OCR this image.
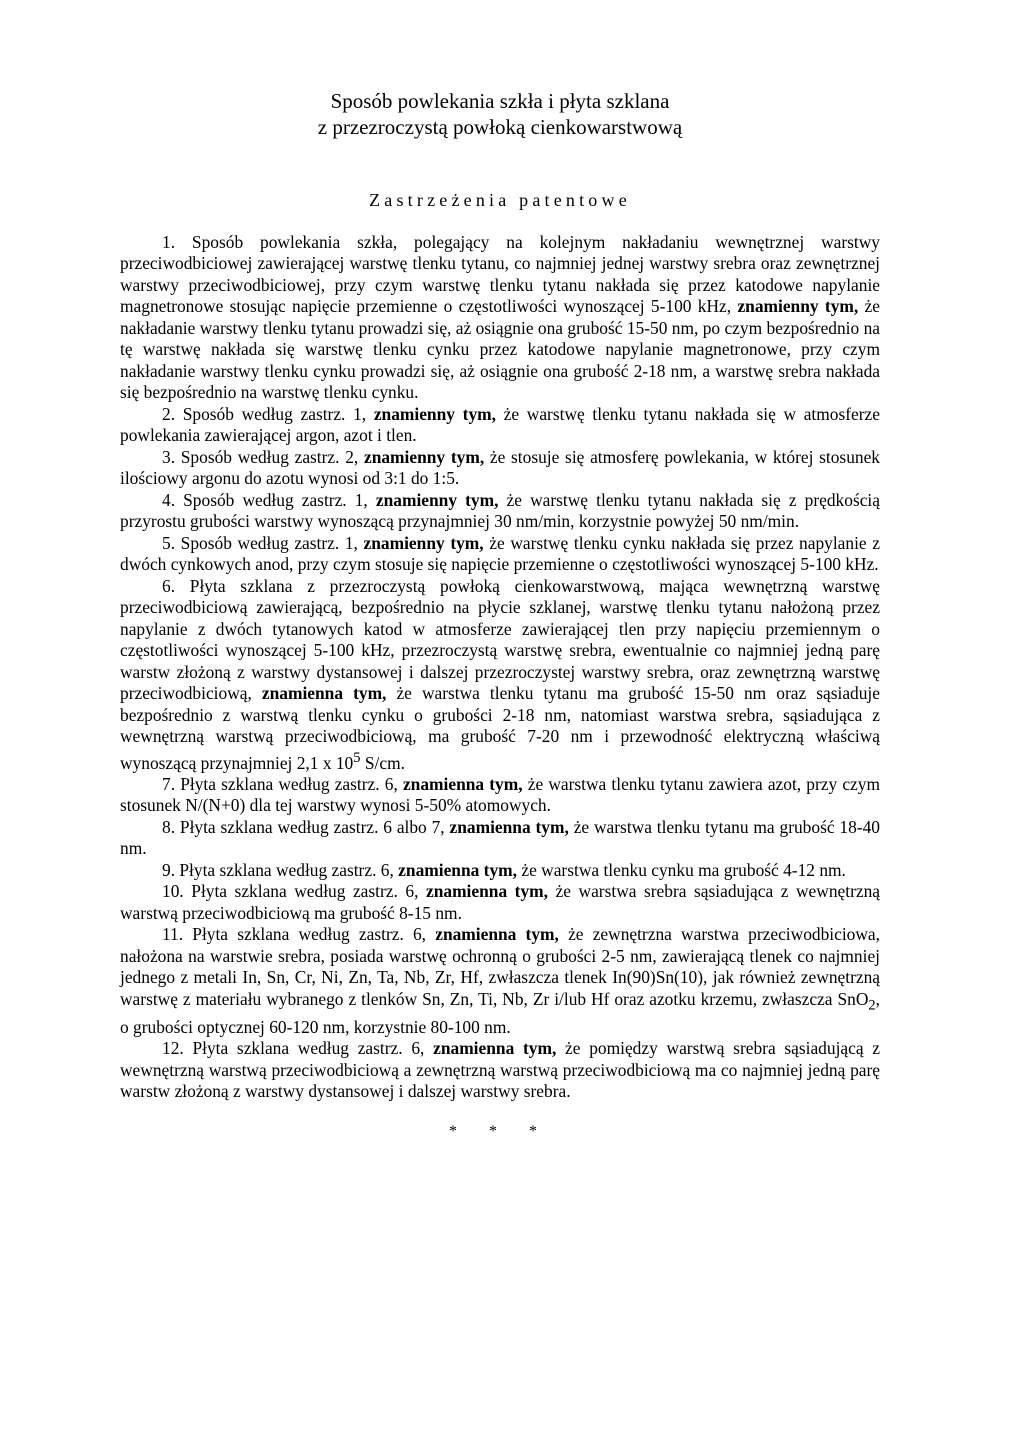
Sposób powlekania szkła i płyta szklana

z przezroczystą powłoką cienkowarstwową

Zastrzeżenia patentowe

1. Sposób powlekania szkła, polegający na kolejnym nakładaniu wewnętrznej warstwy przeciwodbiciowej zawierającej warstwę tlenku tytanu, co najmniej jednej warstwy srebra oraz zewnętrznej warstwy przeciwodbiciowej, przy czym warstwę tlenku tytanu nakłada się przez katodowe napylanie magnetronowe stosując napięcie przemienne o częstotliwości wynoszącej 5-100 kHz, znamienny tym, że nakładanie warstwy tlenku tytanu prowadzi się, aż osiągnie ona grubość 15-50 nm, po czym bezpośrednio na tę warstwę nakłada się warstwę tlenku cynku przez katodowe napylanie magnetronowe, przy czym nakładanie warstwy tlenku cynku prowadzi się, aż osiągnie ona grubość 2-18 nm, a warstwę srebra nakłada się bezpośrednio na warstwę tlenku cynku.

2. Sposób według zastrz. 1, znamienny tym, że warstwę tlenku tytanu nakłada się w atmosferze powlekania zawierającej argon, azot i tlen.

3. Sposób według zastrz. 2, znamienny tym, że stosuje się atmosferę powlekania, w której stosunek ilościowy argonu do azotu wynosi od 3:1 do 1:5.

4. Sposób według zastrz. 1, znamienny tym, że warstwę tlenku tytanu nakłada się z prędkością przyrostu grubości warstwy wynoszącą przynajmniej 30 nm/min, korzystnie powyżej 50 nm/min.

5. Sposób według zastrz. 1, znamienny tym, że warstwę tlenku cynku nakłada się przez napylanie z dwóch cynkowych anod, przy czym stosuje się napięcie przemienne o częstotliwości wynoszącej 5-100 kHz.

6. Płyta szklana z przezroczystą powłoką cienkowarstwową, mająca wewnętrzną warstwę przeciwodbiciową zawierającą, bezpośrednio na płycie szklanej, warstwę tlenku tytanu nałożoną przez napylanie z dwóch tytanowych katod w atmosferze zawierającej tlen przy napięciu przemiennym o częstotliwości wynoszącej 5-100 kHz, przezroczystą warstwę srebra, ewentualnie co najmniej jedną parę warstw złożoną z warstwy dystansowej i dalszej przezroczystej warstwy srebra, oraz zewnętrzną warstwę przeciwodbiciową, znamienna tym, że warstwa tlenku tytanu ma grubość 15-50 nm oraz sąsiaduje bezpośrednio z warstwą tlenku cynku o grubości 2-18 nm, natomiast warstwa srebra, sąsiadująca z wewnętrzną warstwą przeciwodbiciową, ma grubość 7-20 nm i przewodność elektryczną właściwą wynoszącą przynajmniej 2,1 x $10^5$ S/cm.

7. Płyta szklana według zastrz. 6, znamienna tym, że warstwa tlenku tytanu zawiera azot, przy czym stosunek N/(N+0) dla tej warstwy wynosi 5-50% atomowych.

8. Płyta szklana według zastrz. 6 albo 7, znamienna tym, że warstwa tlenku tytanu ma grubość 18-40 nm.

9. Płyta szklana według zastrz. 6, znamienna tym, że warstwa tlenku cynku ma grubość 4-12 nm.

10. Płyta szklana według zastrz. 6, znamienna tym, że warstwa srebra sąsiadująca z wewnętrzną warstwą przeciwodbiciową ma grubość 8-15 nm.

11. Płyta szklana według zastrz. 6, znamienna tym, że zewnętrzna warstwa przeciwodbiciowa, nałożona na warstwie srebra, posiada warstwę ochronną o grubości 2-5 nm, zawierającą tlenek co najmniej jednego z metali In, Sn, Cr, Ni, Zn, Ta, Nb, Zr, Hf, zwłaszcza tlenek In(90)Sn(10), jak również zewnętrzną warstwę z materiału wybranego z tlenków Sn, Zn, Ti, Nb, Zr i/lub Hf oraz azotku krzemu, zwłaszcza SnO$_2$, o grubości optycznej 60-120 nm, korzystnie 80-100 nm.

12. Płyta szklana według zastrz. 6, znamienna tym, że pomiędzy warstwą srebra sąsiadującą z wewnętrzną warstwą przeciwodbiciową a zewnętrzną warstwą przeciwodbiciową ma co najmniej jedną parę warstw złożoną z warstwy dystansowej i dalszej warstwy srebra.

* * *
